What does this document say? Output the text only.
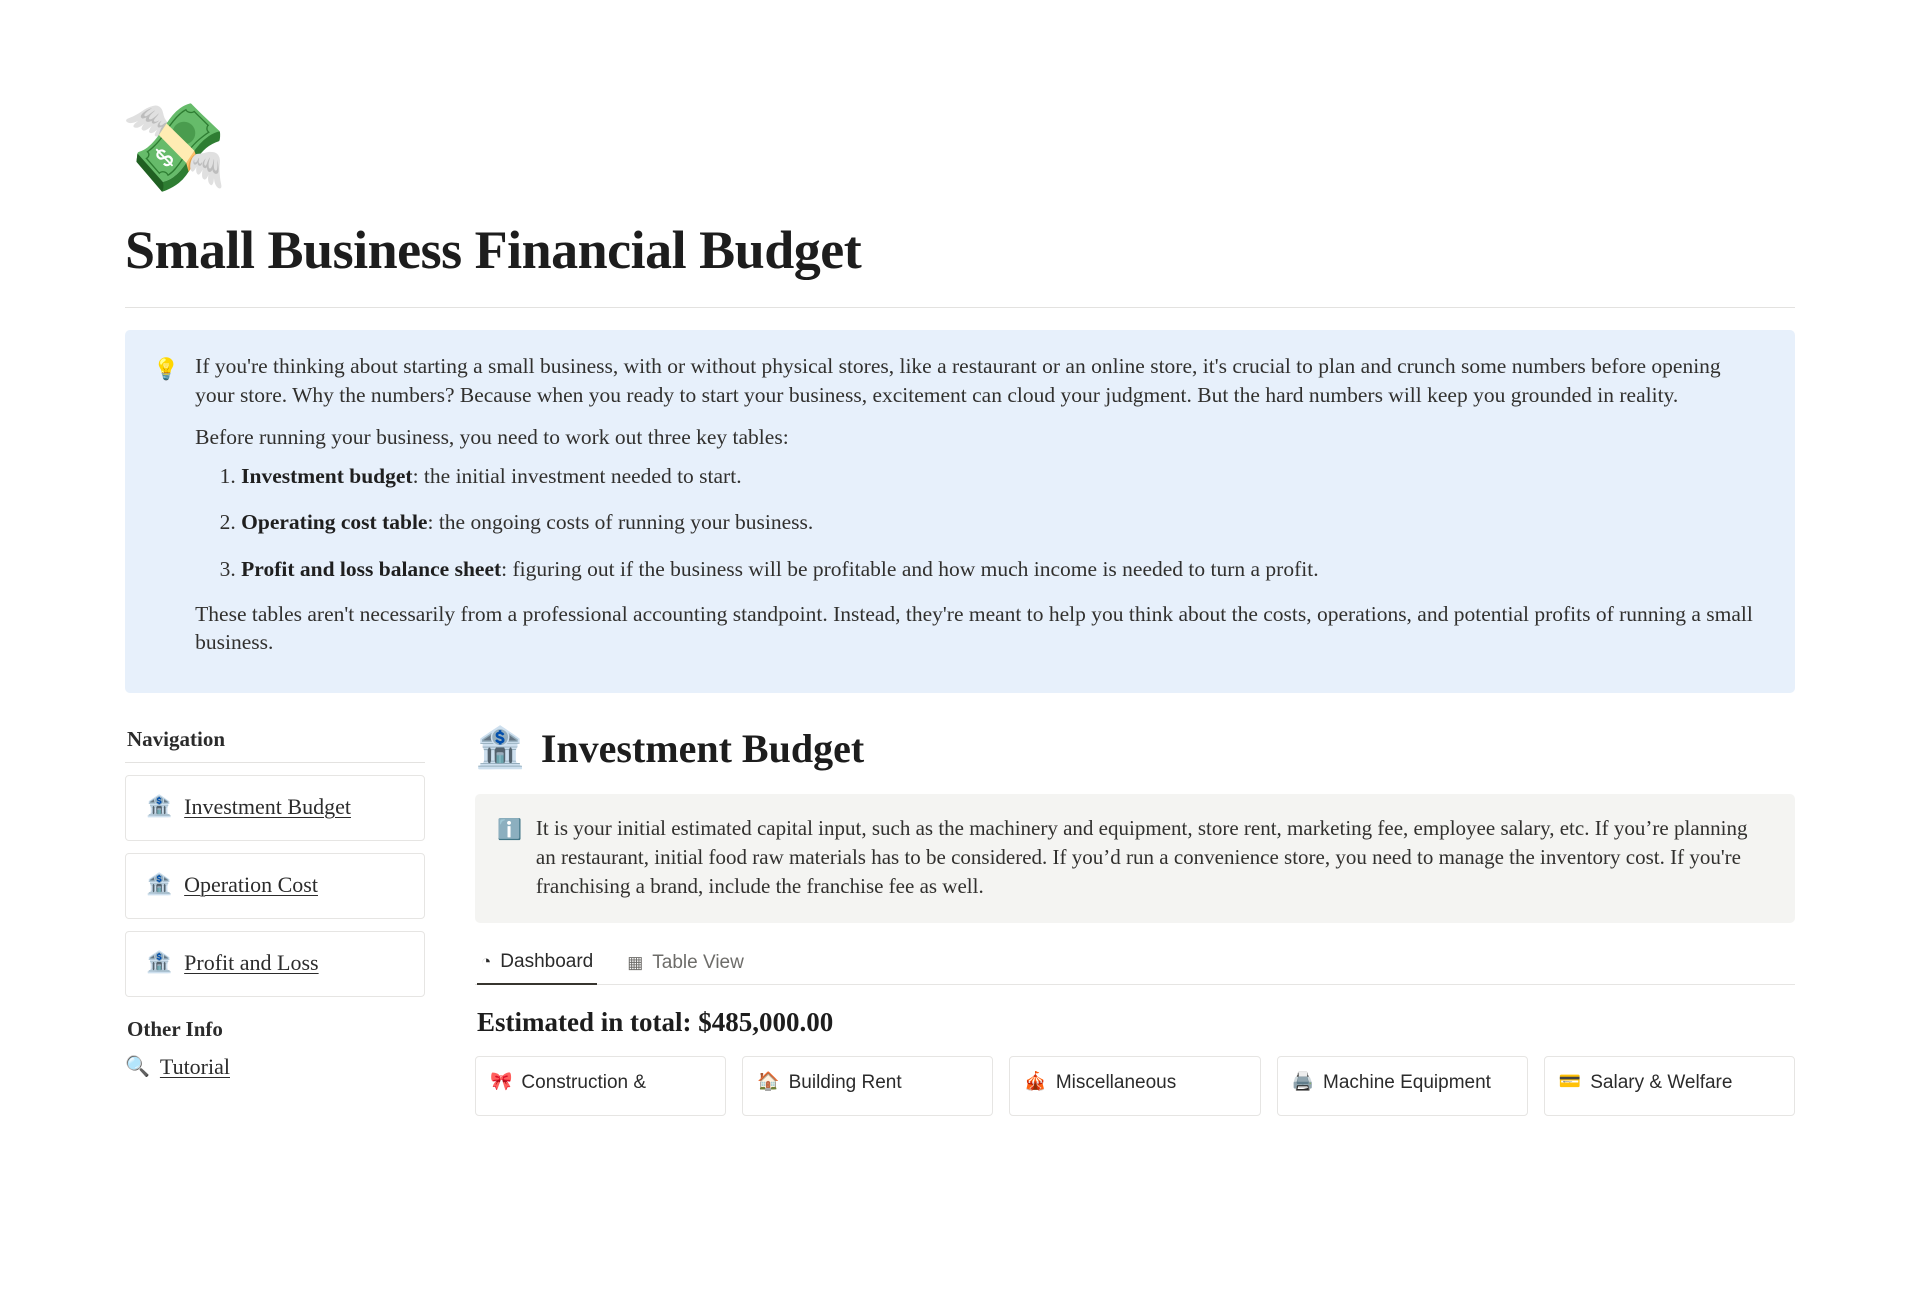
💸
Small Business Financial Budget
💡 If you're thinking about starting a small business, with or without physical stores, like a restaurant or an online store, it's crucial to plan and crunch some numbers before opening your store. Why the numbers? Because when you ready to start your business, excitement can cloud your judgment. But the hard numbers will keep you grounded in reality.

Before running your business, you need to work out three key tables:

1. Investment budget: the initial investment needed to start.
2. Operating cost table: the ongoing costs of running your business.
3. Profit and loss balance sheet: figuring out if the business will be profitable and how much income is needed to turn a profit.

These tables aren't necessarily from a professional accounting standpoint. Instead, they're meant to help you think about the costs, operations, and potential profits of running a small business.

Navigation
🏦 Investment Budget
🏦 Operation Cost
🏦 Profit and Loss
Other Info
🔍 Tutorial
🏦 Investment Budget
ℹ️ It is your initial estimated capital input, such as the machinery and equipment, store rent, marketing fee, employee salary, etc. If you’re planning an restaurant, initial food raw materials has to be considered. If you’d run a convenience store, you need to manage the inventory cost. If you're franchising a brand, include the franchise fee as well.
◔ Dashboard ▦ Table View
Estimated in total: $485,000.00
🎀 Construction &	🏠 Building Rent	🎪 Miscellaneous	🖨️ Machine Equipment	💳 Salary & Welfare
